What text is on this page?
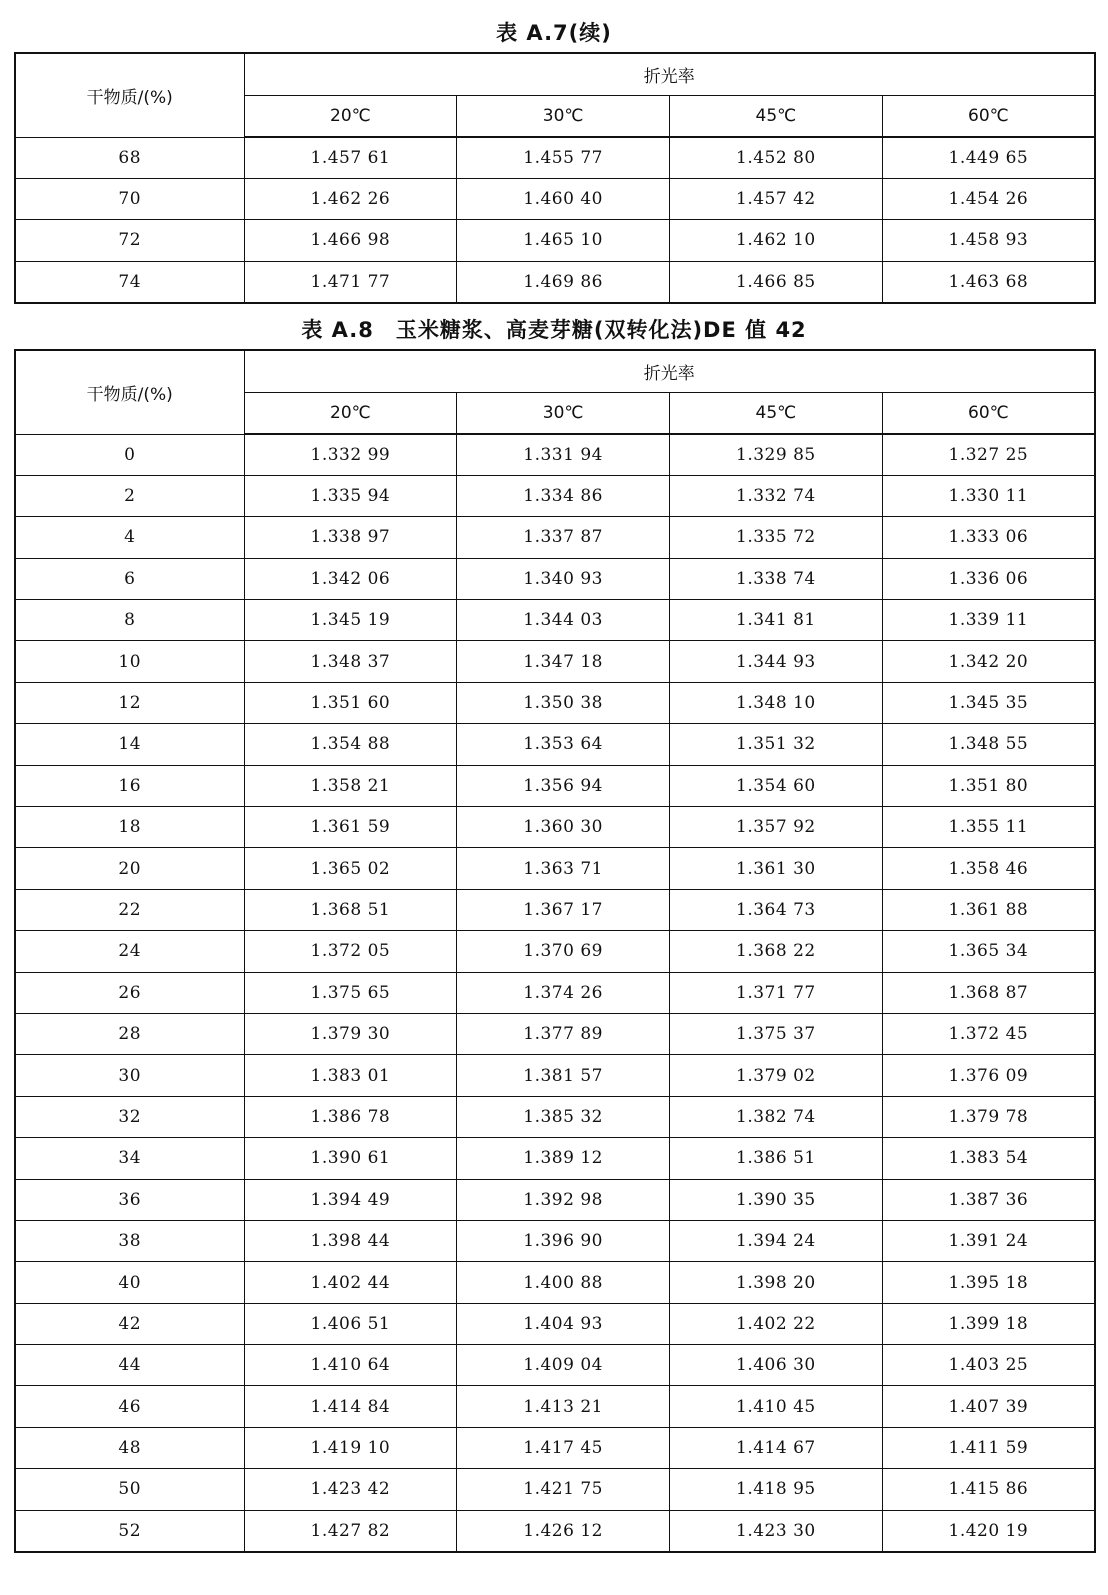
表 A.7(续)
干物质/(%)	折光率			
	20℃	30℃	45℃	60℃
68	1.457 61	1.455 77	1.452 80	1.449 65
70	1.462 26	1.460 40	1.457 42	1.454 26
72	1.466 98	1.465 10	1.462 10	1.458 93
74	1.471 77	1.469 86	1.466 85	1.463 68
表 A.8　玉米糖浆、高麦芽糖(双转化法)DE 值 42
干物质/(%)	折光率			
	20℃	30℃	45℃	60℃
0	1.332 99	1.331 94	1.329 85	1.327 25
2	1.335 94	1.334 86	1.332 74	1.330 11
4	1.338 97	1.337 87	1.335 72	1.333 06
6	1.342 06	1.340 93	1.338 74	1.336 06
8	1.345 19	1.344 03	1.341 81	1.339 11
10	1.348 37	1.347 18	1.344 93	1.342 20
12	1.351 60	1.350 38	1.348 10	1.345 35
14	1.354 88	1.353 64	1.351 32	1.348 55
16	1.358 21	1.356 94	1.354 60	1.351 80
18	1.361 59	1.360 30	1.357 92	1.355 11
20	1.365 02	1.363 71	1.361 30	1.358 46
22	1.368 51	1.367 17	1.364 73	1.361 88
24	1.372 05	1.370 69	1.368 22	1.365 34
26	1.375 65	1.374 26	1.371 77	1.368 87
28	1.379 30	1.377 89	1.375 37	1.372 45
30	1.383 01	1.381 57	1.379 02	1.376 09
32	1.386 78	1.385 32	1.382 74	1.379 78
34	1.390 61	1.389 12	1.386 51	1.383 54
36	1.394 49	1.392 98	1.390 35	1.387 36
38	1.398 44	1.396 90	1.394 24	1.391 24
40	1.402 44	1.400 88	1.398 20	1.395 18
42	1.406 51	1.404 93	1.402 22	1.399 18
44	1.410 64	1.409 04	1.406 30	1.403 25
46	1.414 84	1.413 21	1.410 45	1.407 39
48	1.419 10	1.417 45	1.414 67	1.411 59
50	1.423 42	1.421 75	1.418 95	1.415 86
52	1.427 82	1.426 12	1.423 30	1.420 19
